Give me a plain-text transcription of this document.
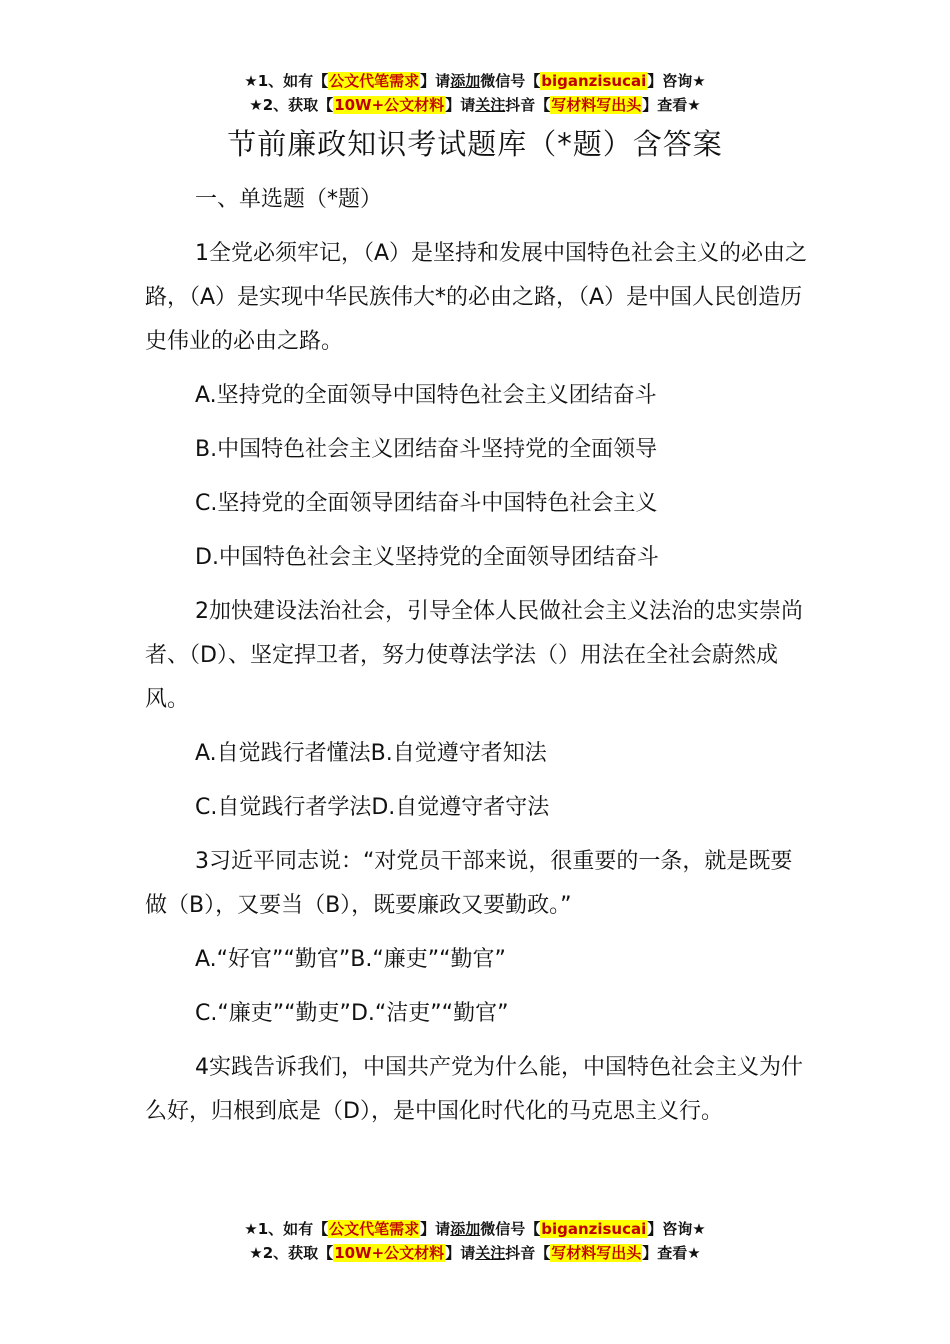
★1、如有【公文代笔需求】请添加微信号【biganzisucai】咨询★
★2、获取【10W+公文材料】请关注抖音【写材料写出头】查看★
节前廉政知识考试题库（*题）含答案

一、单选题（*题）

1全党必须牢记，（A）是坚持和发展中国特色社会主义的必由之路，（A）是实现中华民族伟大*的必由之路，（A）是中国人民创造历史伟业的必由之路。

A.坚持党的全面领导中国特色社会主义团结奋斗

B.中国特色社会主义团结奋斗坚持党的全面领导

C.坚持党的全面领导团结奋斗中国特色社会主义

D.中国特色社会主义坚持党的全面领导团结奋斗

2加快建设法治社会，引导全体人民做社会主义法治的忠实崇尚者、（D）、坚定捍卫者，努力使尊法学法（）用法在全社会蔚然成风。

A.自觉践行者懂法B.自觉遵守者知法

C.自觉践行者学法D.自觉遵守者守法

3习近平同志说：“对党员干部来说，很重要的一条，就是既要做（B），又要当（B），既要廉政又要勤政。”

A.“好官”“勤官”B.“廉吏”“勤官”

C.“廉吏”“勤吏”D.“洁吏”“勤官”

4实践告诉我们，中国共产党为什么能，中国特色社会主义为什么好，归根到底是（D），是中国化时代化的马克思主义行。

★1、如有【公文代笔需求】请添加微信号【biganzisucai】咨询★
★2、获取【10W+公文材料】请关注抖音【写材料写出头】查看★
